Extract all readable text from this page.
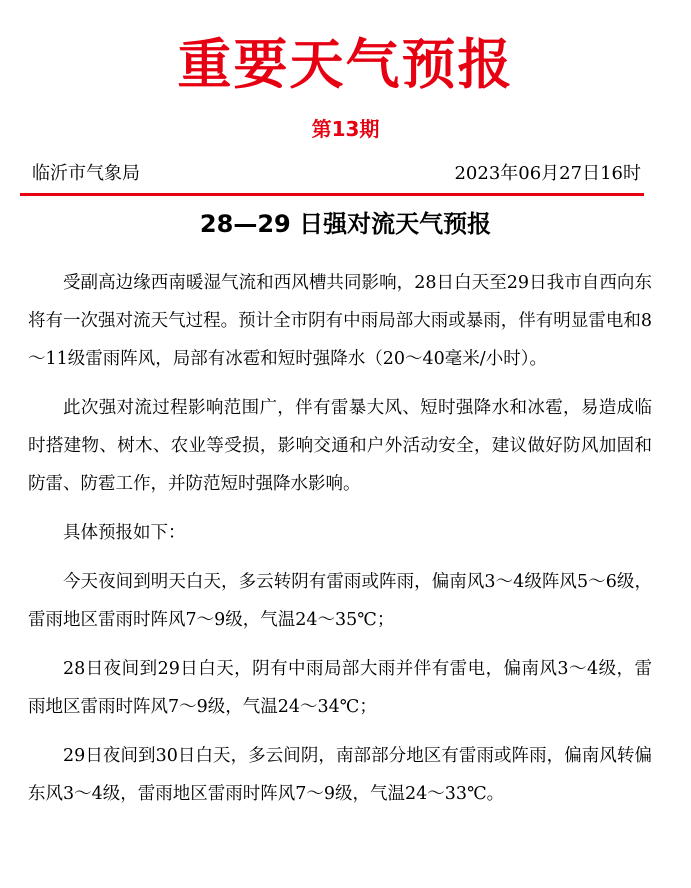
重要天气预报
第13期
临沂市气象局	2023年06月27日16时
28—29 日强对流天气预报

受副高边缘西南暖湿气流和西风槽共同影响，28日白天至29日我市自西向东将有一次强对流天气过程。预计全市阴有中雨局部大雨或暴雨，伴有明显雷电和8～11级雷雨阵风，局部有冰雹和短时强降水（20～40毫米/小时）。

此次强对流过程影响范围广，伴有雷暴大风、短时强降水和冰雹，易造成临时搭建物、树木、农业等受损，影响交通和户外活动安全，建议做好防风加固和防雷、防雹工作，并防范短时强降水影响。

具体预报如下：

今天夜间到明天白天，多云转阴有雷雨或阵雨，偏南风3～4级阵风5～6级，雷雨地区雷雨时阵风7～9级，气温24～35℃；

28日夜间到29日白天，阴有中雨局部大雨并伴有雷电，偏南风3～4级，雷雨地区雷雨时阵风7～9级，气温24～34℃；

29日夜间到30日白天，多云间阴，南部部分地区有雷雨或阵雨，偏南风转偏东风3～4级，雷雨地区雷雨时阵风7～9级，气温24～33℃。
